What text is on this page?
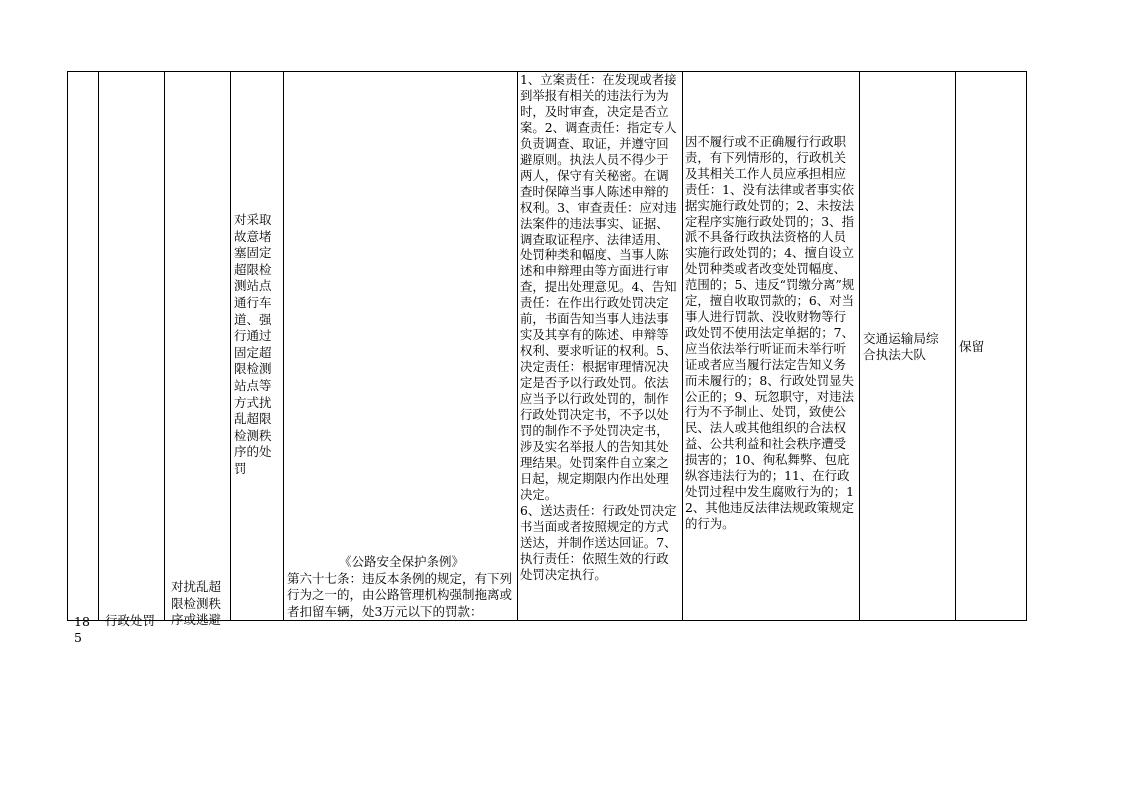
185
行政处罚
对扰乱超限检测秩序或逃避
对采取故意堵塞固定超限检测站点通行车道、强行通过固定超限检测站点等方式扰乱超限检测秩序的处罚
《公路安全保护条例》
第六十七条：违反本条例的规定，有下列行为之一的，由公路管理机构强制拖离或者扣留车辆，处3万元以下的罚款：

1、立案责任：在发现或者接到举报有相关的违法行为为时，及时审查，决定是否立案。2、调查责任：指定专人负责调查、取证，并遵守回避原则。执法人员不得少于两人，保守有关秘密。在调查时保障当事人陈述申辩的权利。3、审查责任：应对违法案件的违法事实、证据、调查取证程序、法律适用、处罚种类和幅度、当事人陈述和申辩理由等方面进行审查，提出处理意见。4、告知责任：在作出行政处罚决定前，书面告知当事人违法事实及其享有的陈述、申辩等权利、要求听证的权利。5、决定责任：根据审理情况决定是否予以行政处罚。依法应当予以行政处罚的，制作行政处罚决定书，不予以处罚的制作不予处罚决定书，涉及实名举报人的告知其处理结果。处罚案件自立案之日起，规定期限内作出处理决定。
6、送达责任：行政处罚决定书当面或者按照规定的方式送达，并制作送达回证。7、执行责任：依照生效的行政处罚决定执行。

因不履行或不正确履行行政职责，有下列情形的，行政机关及其相关工作人员应承担相应责任：1、没有法律或者事实依据实施行政处罚的；2、未按法定程序实施行政处罚的；3、指派不具备行政执法资格的人员实施行政处罚的；4、擅自设立处罚种类或者改变处罚幅度、范围的；5、违反“罚缴分离”规定，擅自收取罚款的；6、对当事人进行罚款、没收财物等行政处罚不使用法定单据的；7、应当依法举行听证而未举行听证或者应当履行法定告知义务而未履行的；8、行政处罚显失公正的；9、玩忽职守，对违法行为不予制止、处罚，致使公民、法人或其他组织的合法权益、公共利益和社会秩序遭受损害的；10、徇私舞弊、包庇纵容违法行为的；11、在行政处罚过程中发生腐败行为的；12、其他违反法律法规政策规定的行为。
交通运输局综合执法大队
保留
